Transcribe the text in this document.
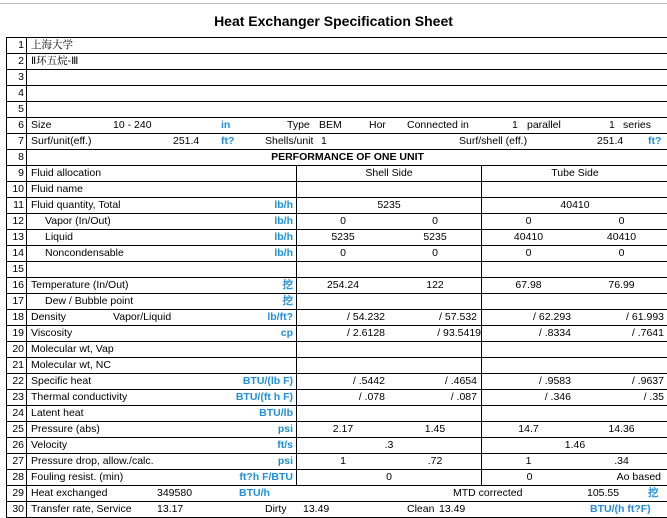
Heat Exchanger Specification Sheet
1 上海大学
2 Ⅱ环五烷-Ⅲ
3
4
5
6 Size	10 - 240	in	Type BEM	Hor Connected in	1 parallel	1 series
7 Surf/unit(eff.)	251.4 ft?	Shells/unit 1	Surf/shell (eff.)	251.4 ft?
8	PERFORMANCE OF ONE UNIT
9 Fluid allocation	Shell Side	Tube Side
10 Fluid name
11 Fluid quantity, Total	lb/h	5235	40410
12 Vapor (In/Out)	lb/h	0	0	0	0
13 Liquid	lb/h	5235	5235	40410	40410
14 Noncondensable	lb/h	0	0	0	0
15
16 Temperature (In/Out)	挖	254.24	122	67.98	76.99
17 Dew / Bubble point	挖
18 Density	Vapor/Liquid	lb/ft?	/ 54.232	/ 57.532	/ 62.293	/ 61.993
19 Viscosity	cp	/ 2.6128	/ 93.5419	/ .8334	/ .7641
20 Molecular wt, Vap
21 Molecular wt, NC
22 Specific heat	BTU/(lb F)	/ .5442	/ .4654	/ .9583	/ .9637
23 Thermal conductivity	BTU/(ft h F)	/ .078	/ .087	/ .346	/ .35
24 Latent heat	BTU/lb
25 Pressure (abs)	psi	2.17	1.45	14.7	14.36
26 Velocity	ft/s	.3	1.46
27 Pressure drop, allow./calc.	psi	1	.72	1	.34
28 Fouling resist. (min)	ft?h F/BTU	0	0	Ao based
29 Heat exchanged	349580	BTU/h	MTD corrected	105.55	挖
30 Transfer rate, Service 13.17	Dirty 13.49	Clean 13.49	BTU/(h ft?F)
